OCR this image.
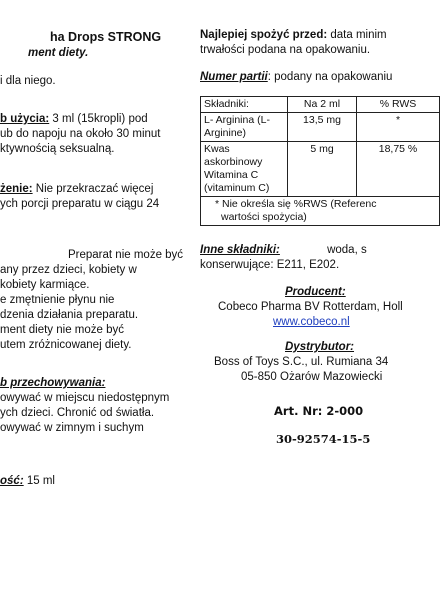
ha Drops STRONG
ment diety.
i dla niego.
b użycia: 3 ml (15kropli) pod
ub do napoju na około 30 minut
ktywnością seksualną.
żenie: Nie przekraczać więcej
ych porcji preparatu w ciągu 24
Preparat nie może być
any przez dzieci, kobiety w
kobiety karmiące.
e zmętnienie płynu nie
dzenia działania preparatu.
ment diety nie może być
utem zróżnicowanej diety.
b przechowywania:
owywać w miejscu niedostępnym
ych dzieci. Chronić od światła.
owywać w zimnym i suchym
ość: 15 ml
Najlepiej spożyć przed: data minim
trwałości podana na opakowaniu.
Numer partii: podany na opakowaniu
Składniki:	Na 2 ml	% RWS

L- Arginina (L-
Arginine)	13,5 mg	*

Kwas
askorbinowy
Witamina C
(vitaminum C)	5 mg	18,75 %

* Nie określa się %RWS (Referenc
wartości spożycia)		
Inne składniki:	woda, s
konserwujące: E211, E202.
Producent:
Cobeco Pharma BV Rotterdam, Holl
www.cobeco.nl
Dystrybutor:
Boss of Toys S.C., ul. Rumiana 34
05-850 Ożarów Mazowiecki
Art. Nr: 2-000
30-92574-15-5
